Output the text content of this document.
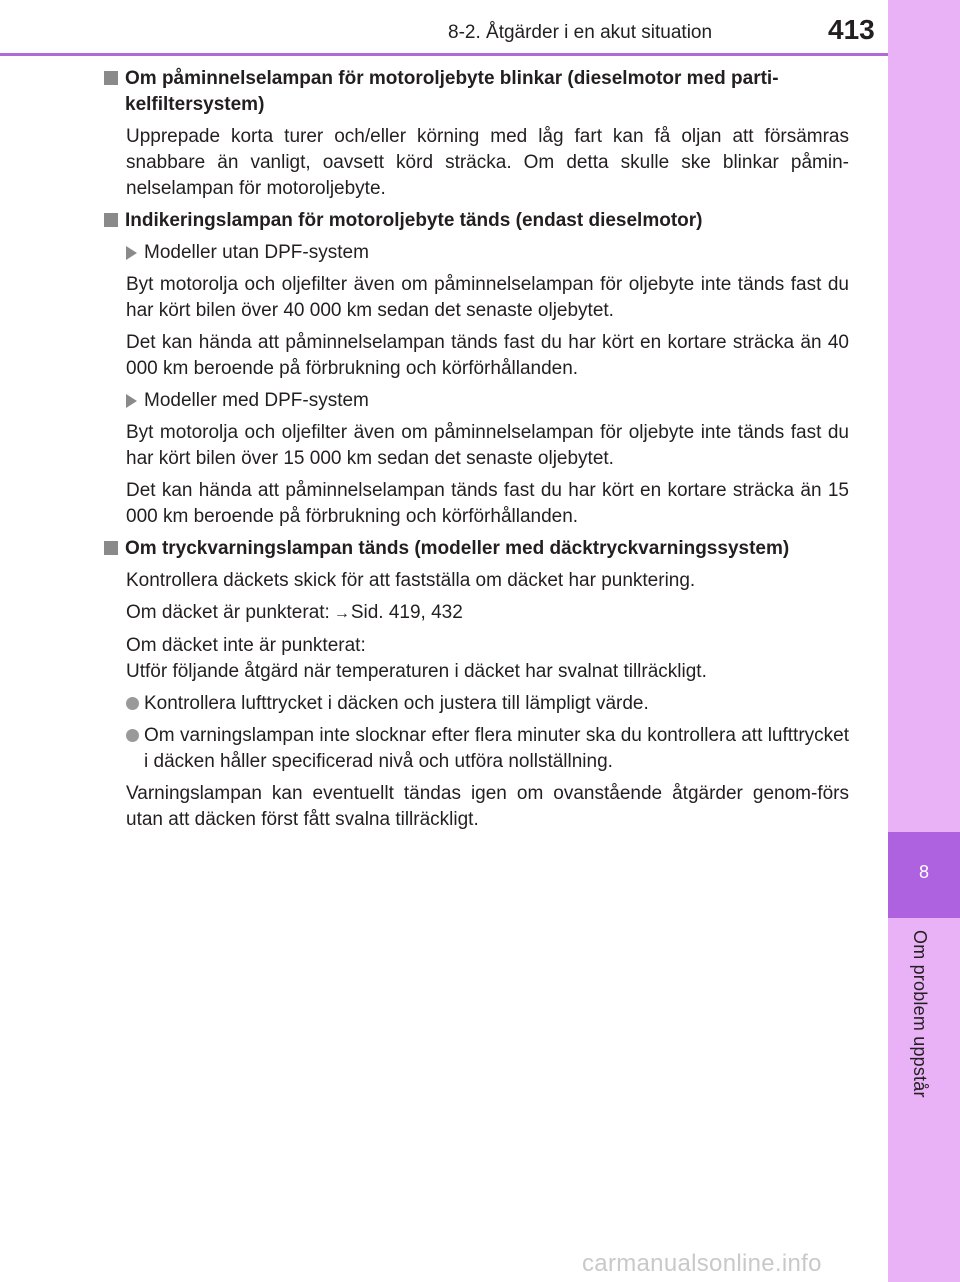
8-2. Åtgärder i en akut situation	413
8
Om problem uppstår
Om påminnelselampan för motoroljebyte blinkar (dieselmotor med parti-kelfiltersystem)

Upprepade korta turer och/eller körning med låg fart kan få oljan att försämras snabbare än vanligt, oavsett körd sträcka. Om detta skulle ske blinkar påmin-nelselampan för motoroljebyte.

Indikeringslampan för motoroljebyte tänds (endast dieselmotor)
Modeller utan DPF-system

Byt motorolja och oljefilter även om påminnelselampan för oljebyte inte tänds fast du har kört bilen över 40 000 km sedan det senaste oljebytet.

Det kan hända att påminnelselampan tänds fast du har kört en kortare sträcka än 40 000 km beroende på förbrukning och körförhållanden.

Modeller med DPF-system

Byt motorolja och oljefilter även om påminnelselampan för oljebyte inte tänds fast du har kört bilen över 15 000 km sedan det senaste oljebytet.

Det kan hända att påminnelselampan tänds fast du har kört en kortare sträcka än 15 000 km beroende på förbrukning och körförhållanden.

Om tryckvarningslampan tänds (modeller med däcktryckvarningssystem)

Kontrollera däckets skick för att fastställa om däcket har punktering.

Om däcket är punkterat: →Sid. 419, 432

Om däcket inte är punkterat:
Utför följande åtgärd när temperaturen i däcket har svalnat tillräckligt.

Kontrollera lufttrycket i däcken och justera till lämpligt värde.
Om varningslampan inte slocknar efter flera minuter ska du kontrollera att lufttrycket i däcken håller specificerad nivå och utföra nollställning.

Varningslampan kan eventuellt tändas igen om ovanstående åtgärder genom-förs utan att däcken först fått svalna tillräckligt.

carmanualsonline.info
